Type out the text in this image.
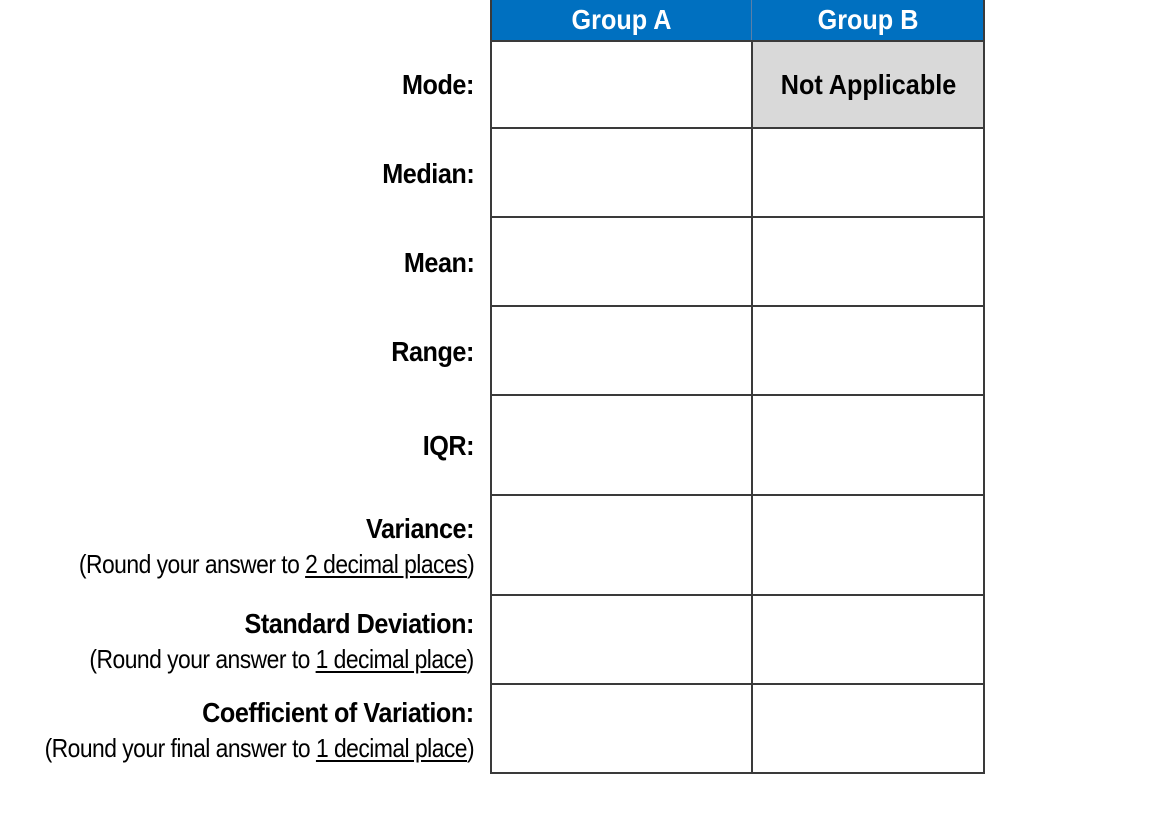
Group A	Group B
Mode:	Not Applicable
Median:
Mean:
Range:
IQR:
Variance:
(Round your answer to 2 decimal places)
Standard Deviation:
(Round your answer to 1 decimal place)
Coefficient of Variation:
(Round your final answer to 1 decimal place)
